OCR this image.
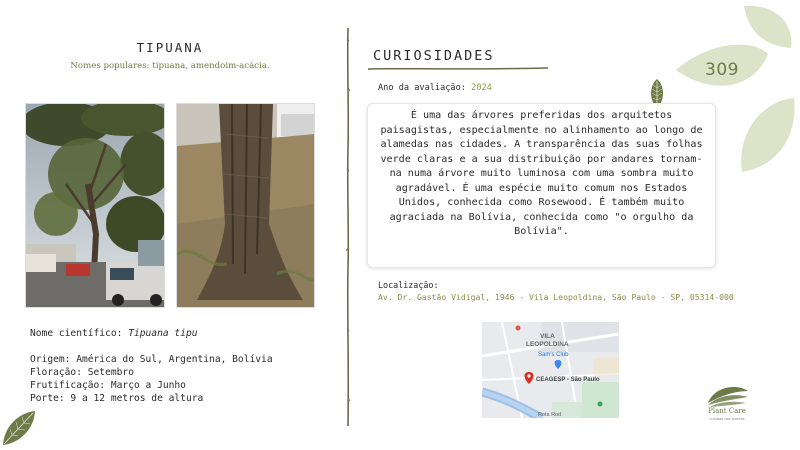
309
TIPUANA
Nomes populares: tipuana, amendoim-acácia.
Nome científico: Tipuana tipu
Origem: América do Sul, Argentina, Bolívia
Floração: Setembro
Frutificação: Março a Junho
Porte: 9 a 12 metros de altura
CURIOSIDADES
Ano da avaliação: 2024

É uma das árvores preferidas dos arquitetos paisagistas, especialmente no alinhamento ao longo de alamedas nas cidades. A transparência das suas folhas verde claras e a sua distribuição por andares tornam-na numa árvore muito luminosa com uma sombra muito agradável. É uma espécie muito comum nos Estados Unidos, conhecida como Rosewood. É também muito agraciada na Bolívia, conhecida como "o orgulho da Bolívia".

Localização:
Av. Dr. Gastão Vidigal, 1946 - Vila Leopoldina, São Paulo - SP, 05314-000
VILA
LEOPOLDINA
Sam's Club
CEAGESP - São Paulo
Rota Rod	Plant Care
cuidado das plantas
